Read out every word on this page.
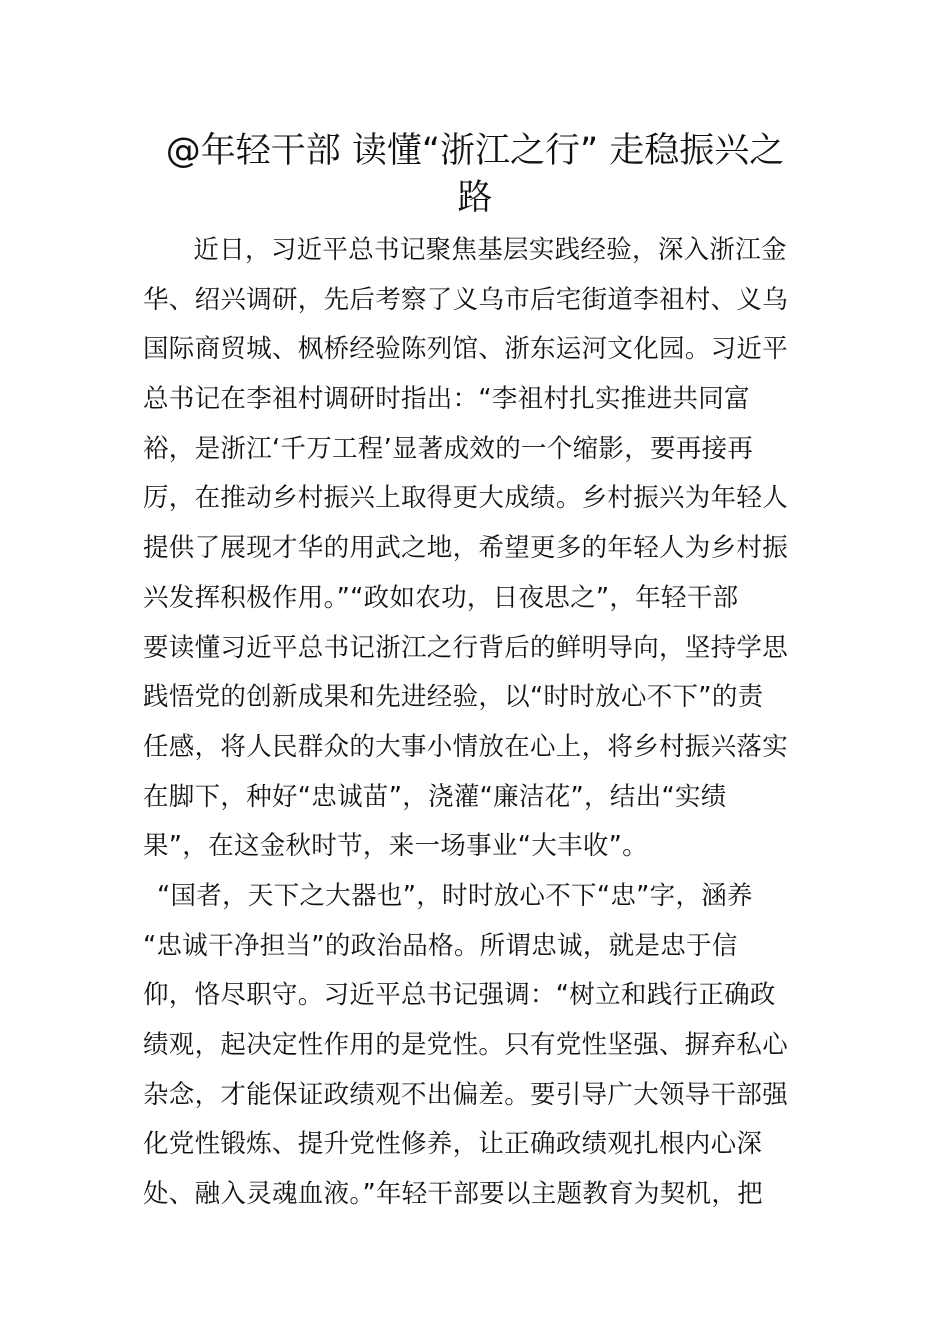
@年轻干部 读懂“浙江之行” 走稳振兴之
路
近日，习近平总书记聚焦基层实践经验，深入浙江金
华、绍兴调研，先后考察了义乌市后宅街道李祖村、义乌
国际商贸城、枫桥经验陈列馆、浙东运河文化园。习近平
总书记在李祖村调研时指出：“李祖村扎实推进共同富
裕，是浙江‘千万工程’显著成效的一个缩影，要再接再
厉，在推动乡村振兴上取得更大成绩。乡村振兴为年轻人
提供了展现才华的用武之地，希望更多的年轻人为乡村振
兴发挥积极作用。”“政如农功，日夜思之”，年轻干部
要读懂习近平总书记浙江之行背后的鲜明导向，坚持学思
践悟党的创新成果和先进经验，以“时时放心不下”的责
任感，将人民群众的大事小情放在心上，将乡村振兴落实
在脚下，种好“忠诚苗”，浇灌“廉洁花”，结出“实绩
果”，在这金秋时节，来一场事业“大丰收”。
“国者，天下之大器也”，时时放心不下“忠”字，涵养
“忠诚干净担当”的政治品格。所谓忠诚，就是忠于信
仰，恪尽职守。习近平总书记强调：“树立和践行正确政
绩观，起决定性作用的是党性。只有党性坚强、摒弃私心
杂念，才能保证政绩观不出偏差。要引导广大领导干部强
化党性锻炼、提升党性修养，让正确政绩观扎根内心深
处、融入灵魂血液。”年轻干部要以主题教育为契机，把
